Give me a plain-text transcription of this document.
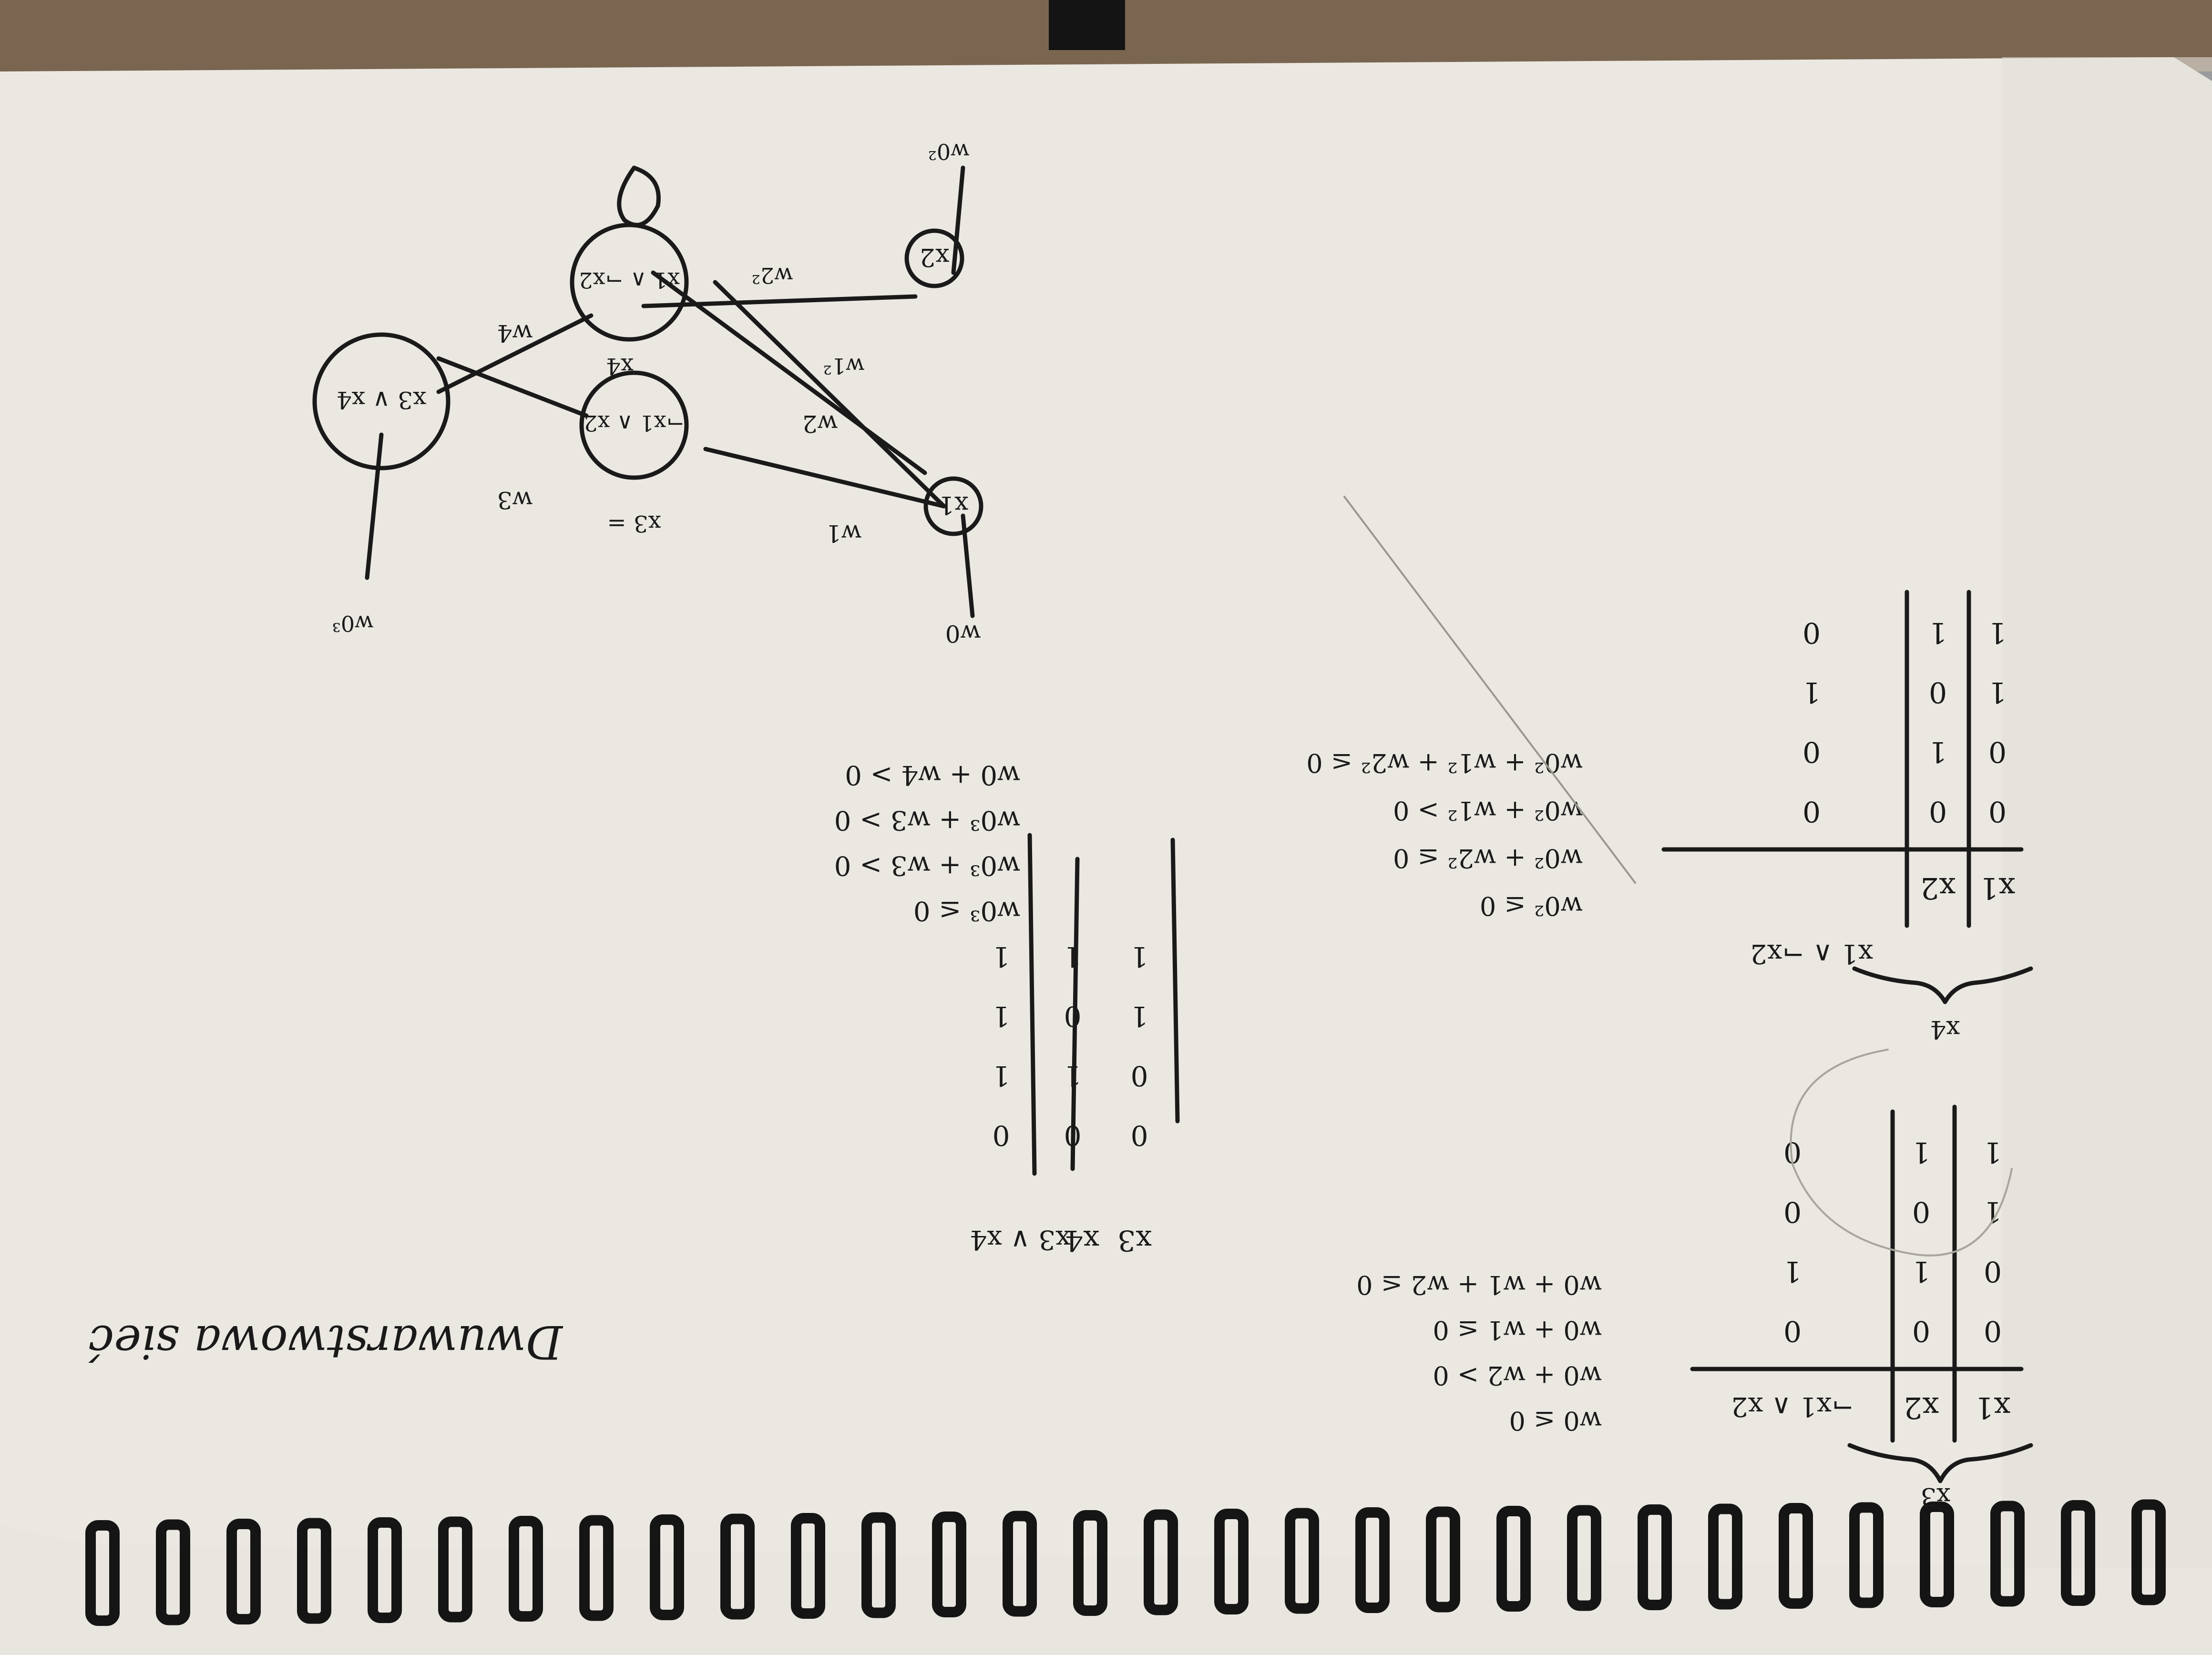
Dwuwarstwowa sieć
x1
x2
¬x1 ∧ x2
x1 ∧ ¬x2
x3 ∨ x4
w0
w1
w2
w3
w4
w0²
w1²
w2²
w0³
x3 =
x4
x3
x1
x2
¬x1 ∧ x2
0
0
0
0
1
1
1
0
0
1
1
0
x4
x1
x2
x1 ∧ ¬x2
0
0
0
0
1
0
1
0
1
1
1
0
x3
x4
x3 ∨ x4
0
0
0
0
1
1
1
0
1
1
1
1
w0 ≤ 0
w0 + w2 > 0
w0 + w1 ≤ 0
w0 + w1 + w2 ≤ 0
w0² ≤ 0
w0² + w2² ≤ 0
w0² + w1² > 0
w0² + w1² + w2² ≤ 0
w0³ ≤ 0
w0³ + w3 > 0
w0³ + w3 > 0
w0 + w4 > 0
